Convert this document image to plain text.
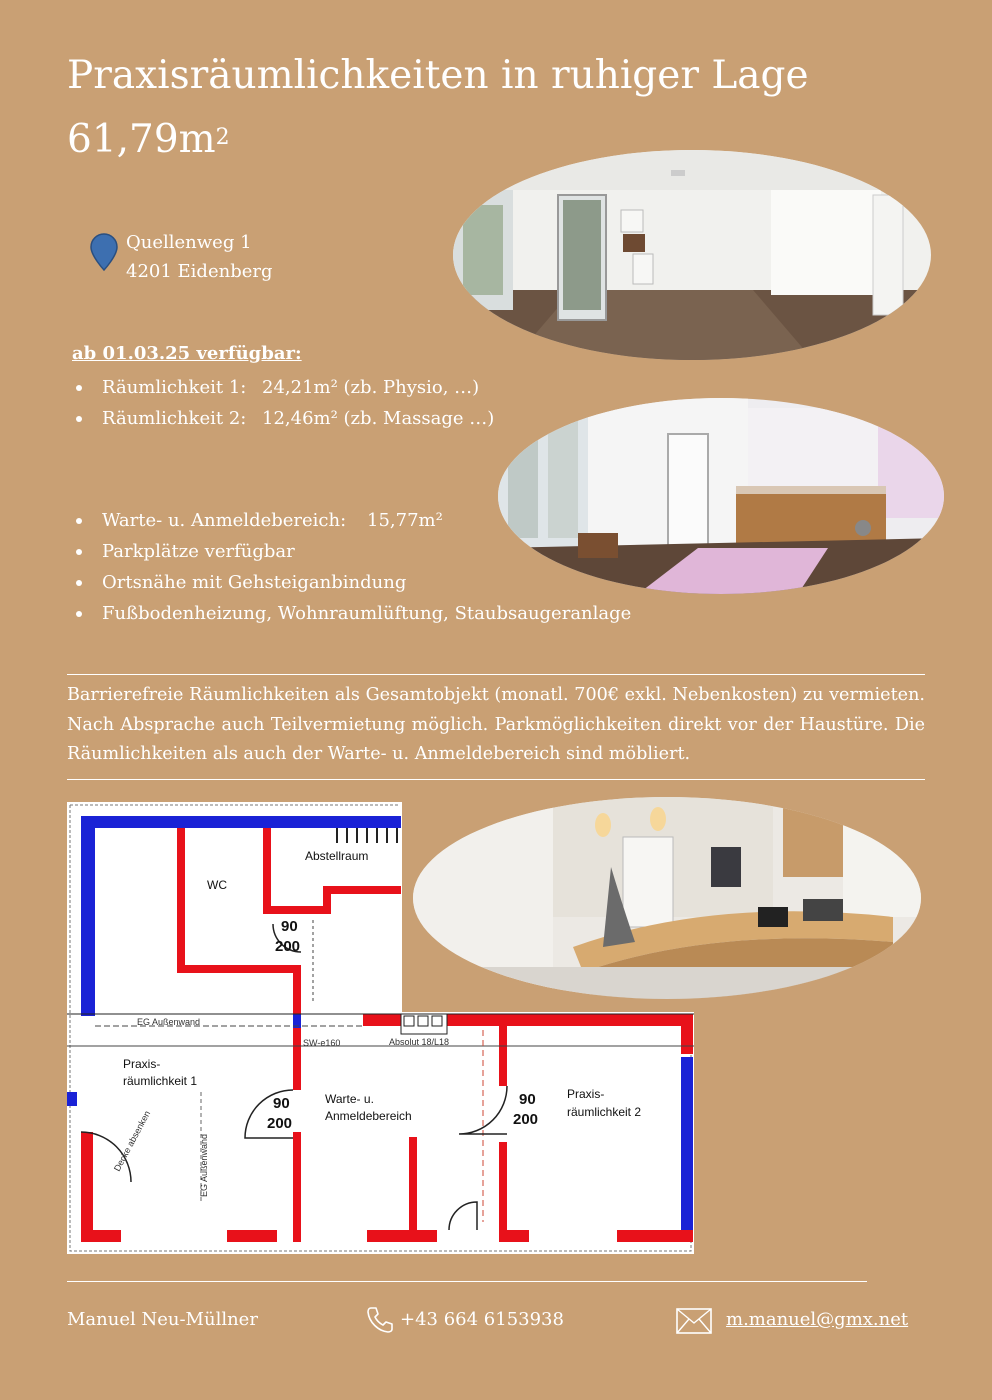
Praxisräumlichkeiten in ruhiger Lage
$61,79m^2$
Quellenweg 1
4201 Eidenberg
ab 01.03.25 verfügbar:
Räumlichkeit 1: 24,21m² (zb. Physio, …)
Räumlichkeit 2: 12,46m² (zb. Massage …)
Warte- u. Anmeldebereich: 15,77m²
Parkplätze verfügbar
Ortsnähe mit Gehsteiganbindung
Fußbodenheizung, Wohnraumlüftung, Staubsaugeranlage
Barrierefreie Räumlichkeiten als Gesamtobjekt (monatl. 700€ exkl. Nebenkosten) zu vermieten. Nach Absprache auch Teilvermietung möglich. Parkmöglichkeiten direkt vor der Haustüre. Die Räumlichkeiten als auch der Warte- u. Anmeldebereich sind möbliert.
Abstellraum
WC
90
200
EG Außenwand
SW-e160	Absolut 18/L18
Praxis-
räumlichkeit 1
90
200
Warte- u.
Anmeldebereich
90
200
Praxis-
räumlichkeit 2
EG Außenwand
Decke absenken
Manuel Neu-Müllner	+43 664 6153938	m.manuel@gmx.net
